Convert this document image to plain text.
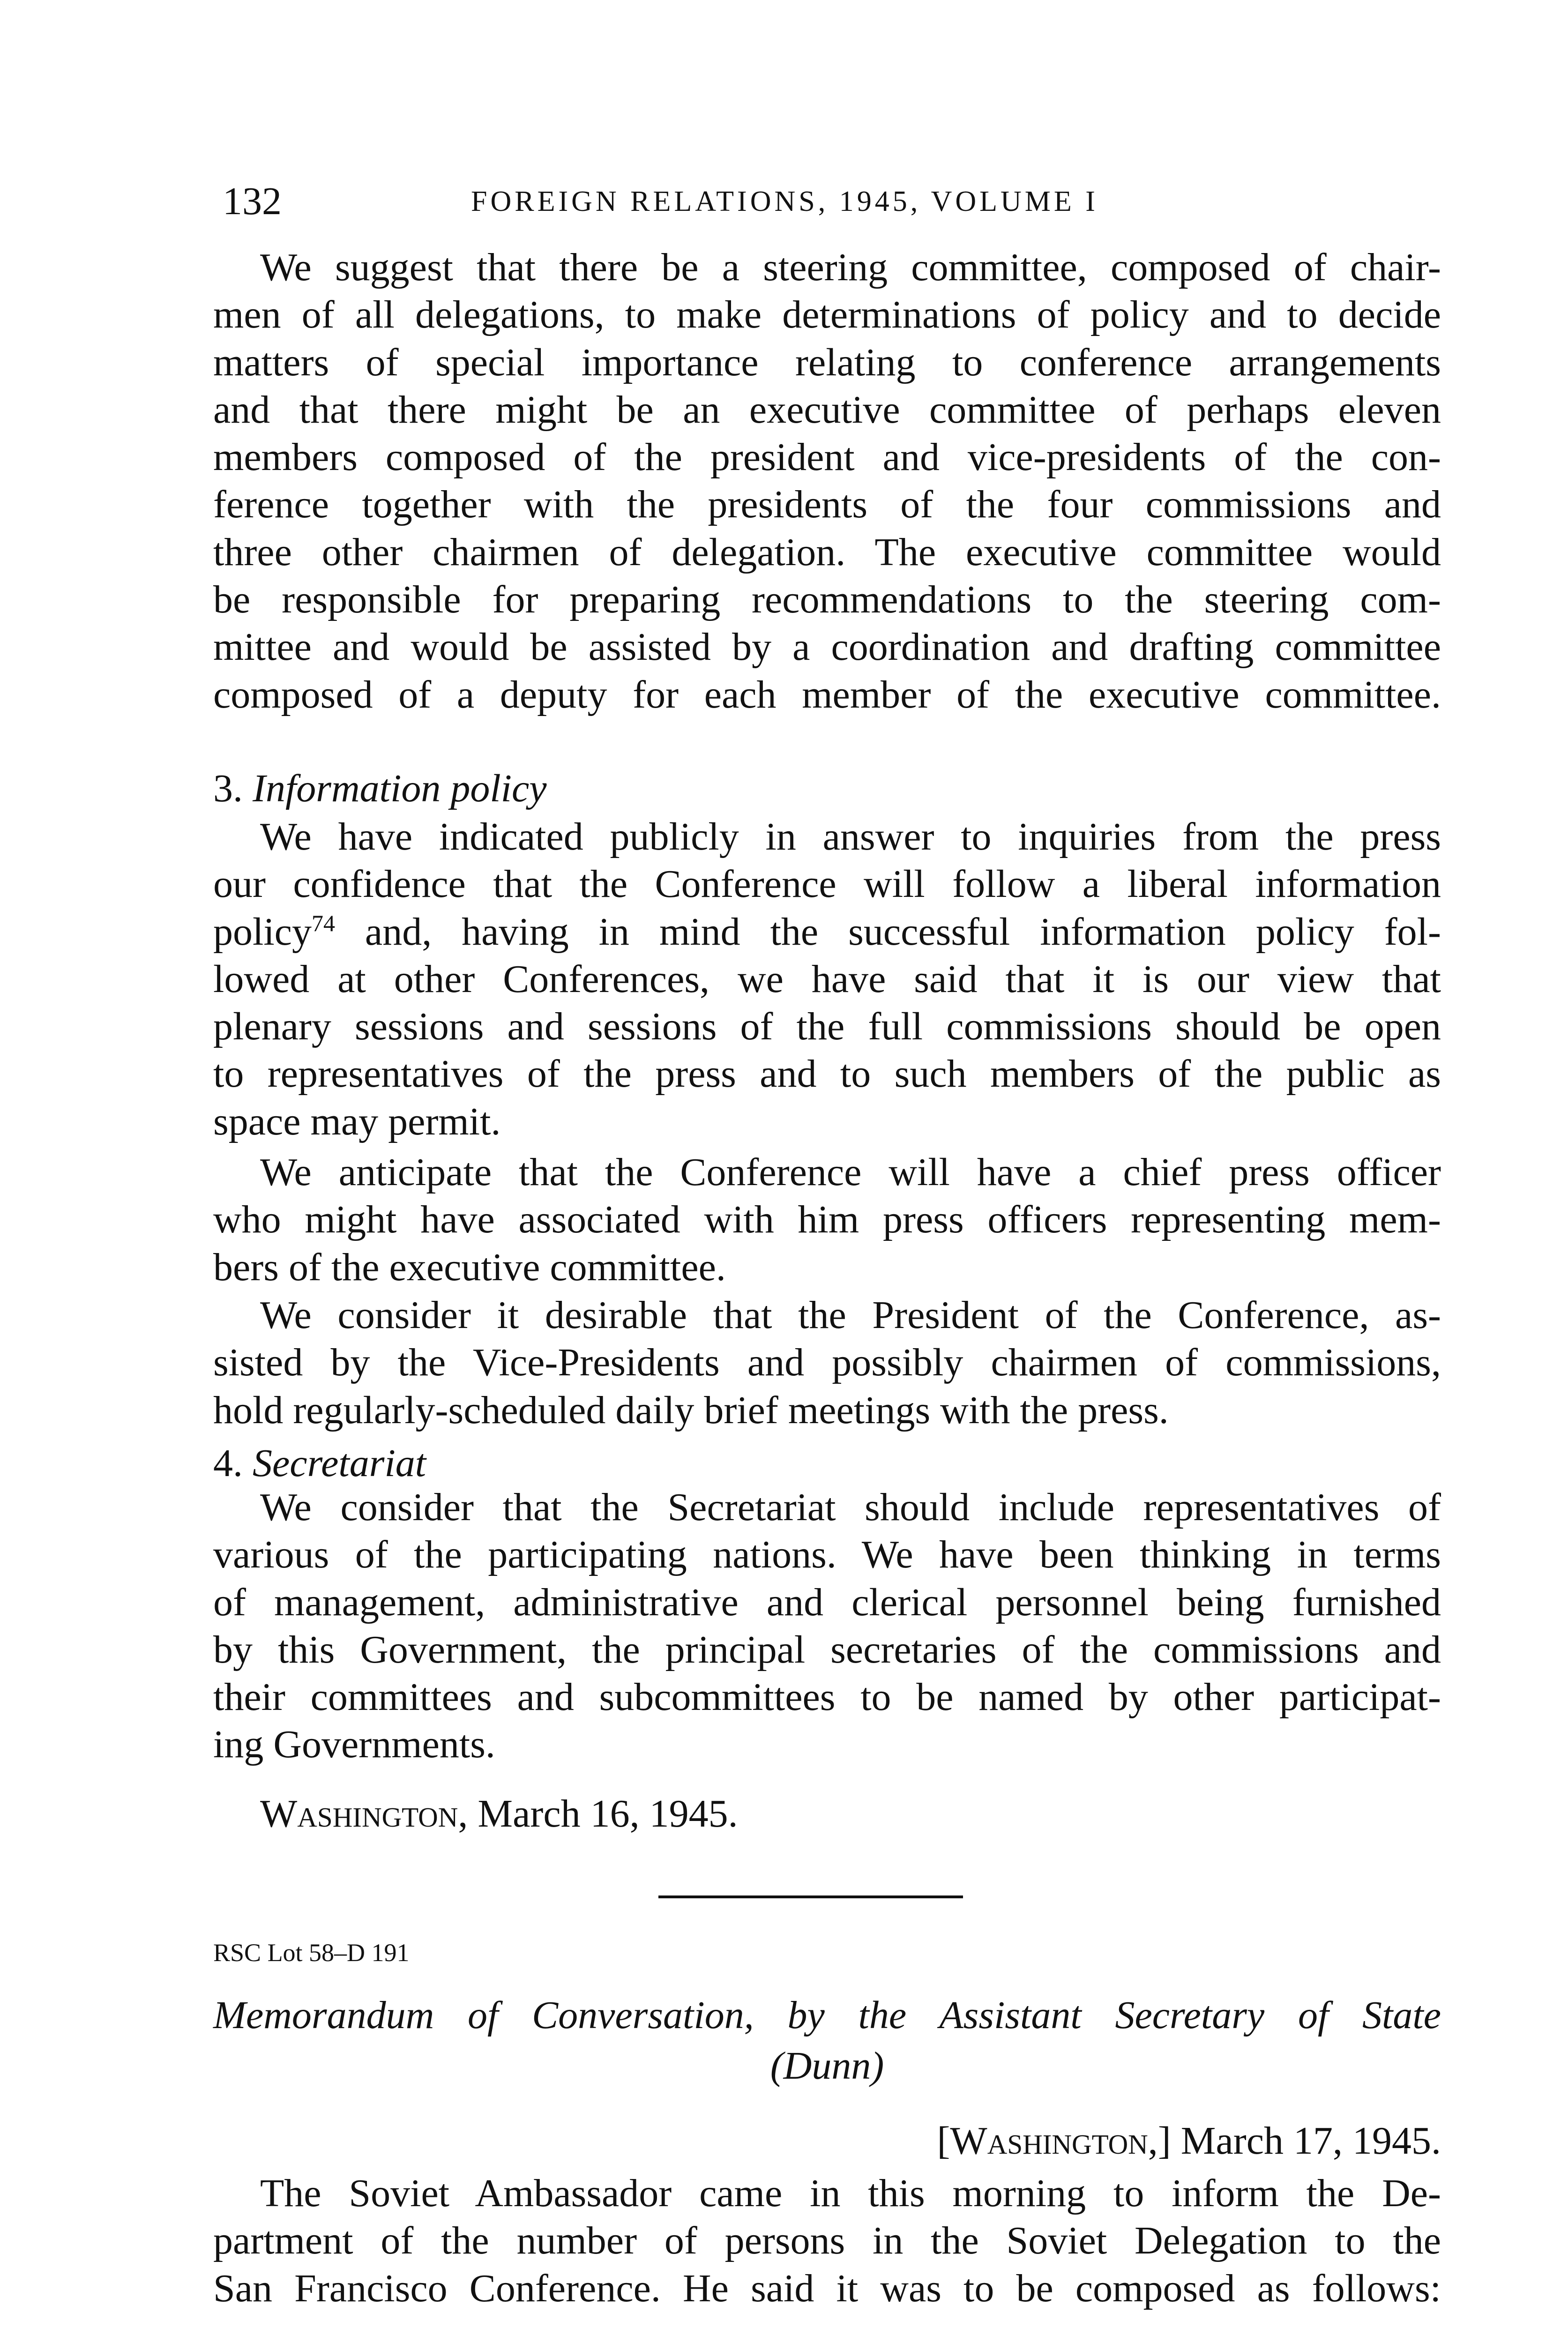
132	FOREIGN RELATIONS, 1945, VOLUME I
We suggest that there be a steering committee, composed of chair-
men of all delegations, to make determinations of policy and to decide
matters of special importance relating to conference arrangements
and that there might be an executive committee of perhaps eleven
members composed of the president and vice-presidents of the con-
ference together with the presidents of the four commissions and
three other chairmen of delegation. The executive committee would
be responsible for preparing recommendations to the steering com-
mittee and would be assisted by a coordination and drafting committee
composed of a deputy for each member of the executive committee.
3. Information policy
We have indicated publicly in answer to inquiries from the press
our confidence that the Conference will follow a liberal information
policy$^{74}$ and, having in mind the successful information policy fol-
lowed at other Conferences, we have said that it is our view that
plenary sessions and sessions of the full commissions should be open
to representatives of the press and to such members of the public as
space may permit.
We anticipate that the Conference will have a chief press officer
who might have associated with him press officers representing mem-
bers of the executive committee.
We consider it desirable that the President of the Conference, as-
sisted by the Vice-Presidents and possibly chairmen of commissions,
hold regularly-scheduled daily brief meetings with the press.
4. Secretariat
We consider that the Secretariat should include representatives of
various of the participating nations. We have been thinking in terms
of management, administrative and clerical personnel being furnished
by this Government, the principal secretaries of the commissions and
their committees and subcommittees to be named by other participat-
ing Governments.
Washington, March 16, 1945.
RSC Lot 58–D 191
Memorandum of Conversation, by the Assistant Secretary of State
(Dunn)
[Washington,] March 17, 1945.
The Soviet Ambassador came in this morning to inform the De-
partment of the number of persons in the Soviet Delegation to the
San Francisco Conference. He said it was to be composed as follows:
